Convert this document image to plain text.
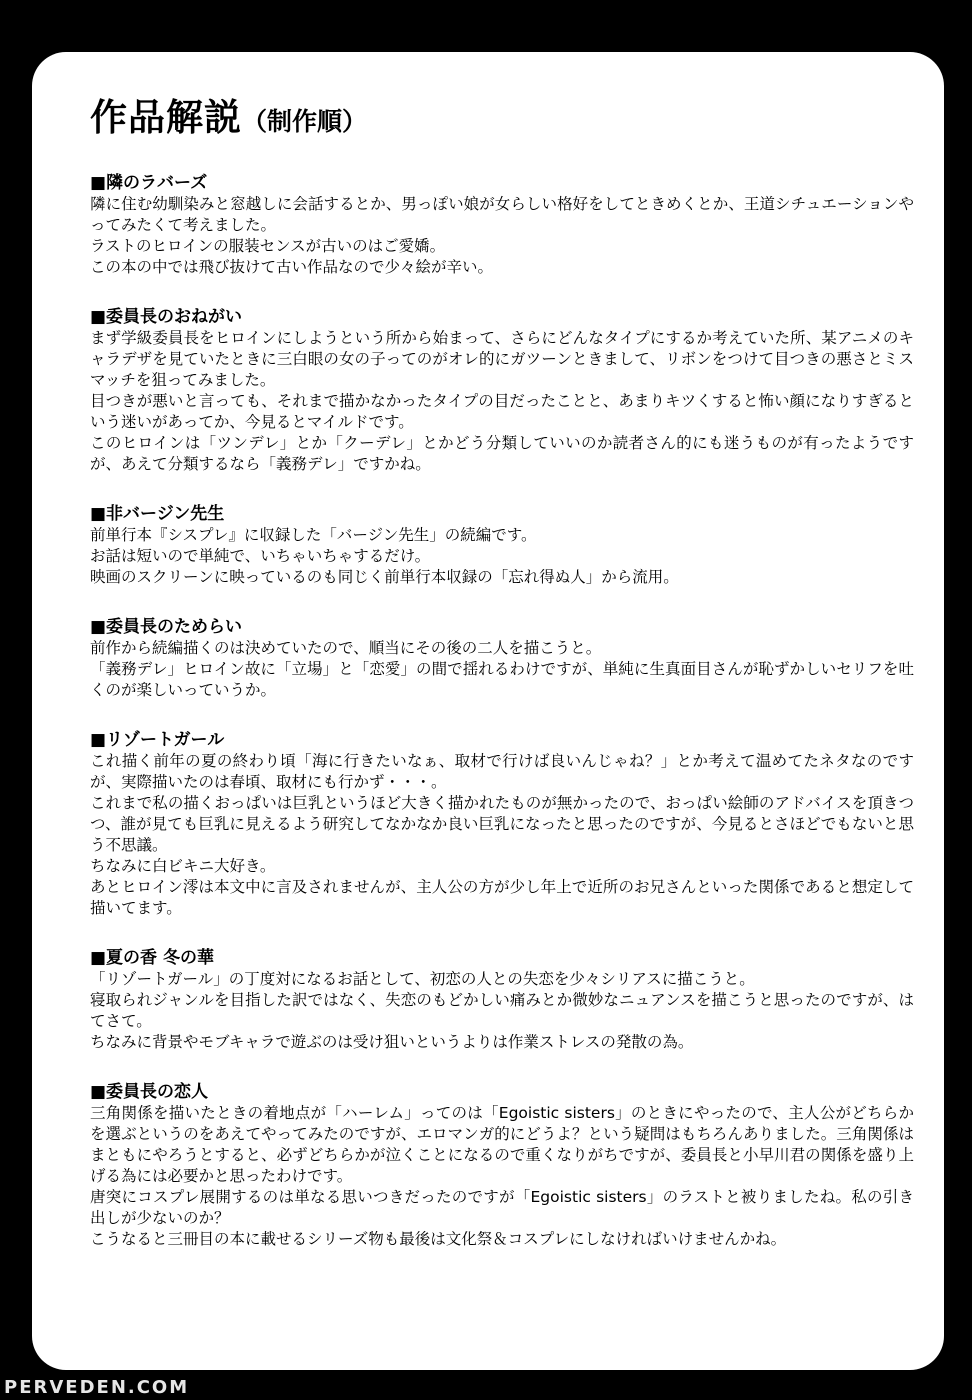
作品解説（制作順）
■隣のラバーズ

隣に住む幼馴染みと窓越しに会話するとか、男っぽい娘が女らしい格好をしてときめくとか、王道シチュエーションやってみたくて考えました。

ラストのヒロインの服装センスが古いのはご愛嬌。

この本の中では飛び抜けて古い作品なので少々絵が辛い。

■委員長のおねがい

まず学級委員長をヒロインにしようという所から始まって、さらにどんなタイプにするか考えていた所、某アニメのキャラデザを見ていたときに三白眼の女の子ってのがオレ的にガツーンときまして、リボンをつけて目つきの悪さとミスマッチを狙ってみました。

目つきが悪いと言っても、それまで描かなかったタイプの目だったことと、あまりキツくすると怖い顔になりすぎるという迷いがあってか、今見るとマイルドです。

このヒロインは「ツンデレ」とか「クーデレ」とかどう分類していいのか読者さん的にも迷うものが有ったようですが、あえて分類するなら「義務デレ」ですかね。

■非バージン先生

前単行本『シスプレ』に収録した「バージン先生」の続編です。

お話は短いので単純で、いちゃいちゃするだけ。

映画のスクリーンに映っているのも同じく前単行本収録の「忘れ得ぬ人」から流用。

■委員長のためらい

前作から続編描くのは決めていたので、順当にその後の二人を描こうと。

「義務デレ」ヒロイン故に「立場」と「恋愛」の間で揺れるわけですが、単純に生真面目さんが恥ずかしいセリフを吐くのが楽しいっていうか。

■リゾートガール

これ描く前年の夏の終わり頃「海に行きたいなぁ、取材で行けば良いんじゃね？」とか考えて温めてたネタなのですが、実際描いたのは春頃、取材にも行かず・・・。

これまで私の描くおっぱいは巨乳というほど大きく描かれたものが無かったので、おっぱい絵師のアドバイスを頂きつつ、誰が見ても巨乳に見えるよう研究してなかなか良い巨乳になったと思ったのですが、今見るとさほどでもないと思う不思議。

ちなみに白ビキニ大好き。

あとヒロイン澪は本文中に言及されませんが、主人公の方が少し年上で近所のお兄さんといった関係であると想定して描いてます。

■夏の香 冬の華

「リゾートガール」の丁度対になるお話として、初恋の人との失恋を少々シリアスに描こうと。

寝取られジャンルを目指した訳ではなく、失恋のもどかしい痛みとか微妙なニュアンスを描こうと思ったのですが、はてさて。

ちなみに背景やモブキャラで遊ぶのは受け狙いというよりは作業ストレスの発散の為。

■委員長の恋人

三角関係を描いたときの着地点が「ハーレム」ってのは「Egoistic sisters」のときにやったので、主人公がどちらかを選ぶというのをあえてやってみたのですが、エロマンガ的にどうよ？という疑問はもちろんありました。三角関係はまともにやろうとすると、必ずどちらかが泣くことになるので重くなりがちですが、委員長と小早川君の関係を盛り上げる為には必要かと思ったわけです。

唐突にコスプレ展開するのは単なる思いつきだったのですが「Egoistic sisters」のラストと被りましたね。私の引き出しが少ないのか？

こうなると三冊目の本に載せるシリーズ物も最後は文化祭＆コスプレにしなければいけませんかね。

PERVEDEN.COM
